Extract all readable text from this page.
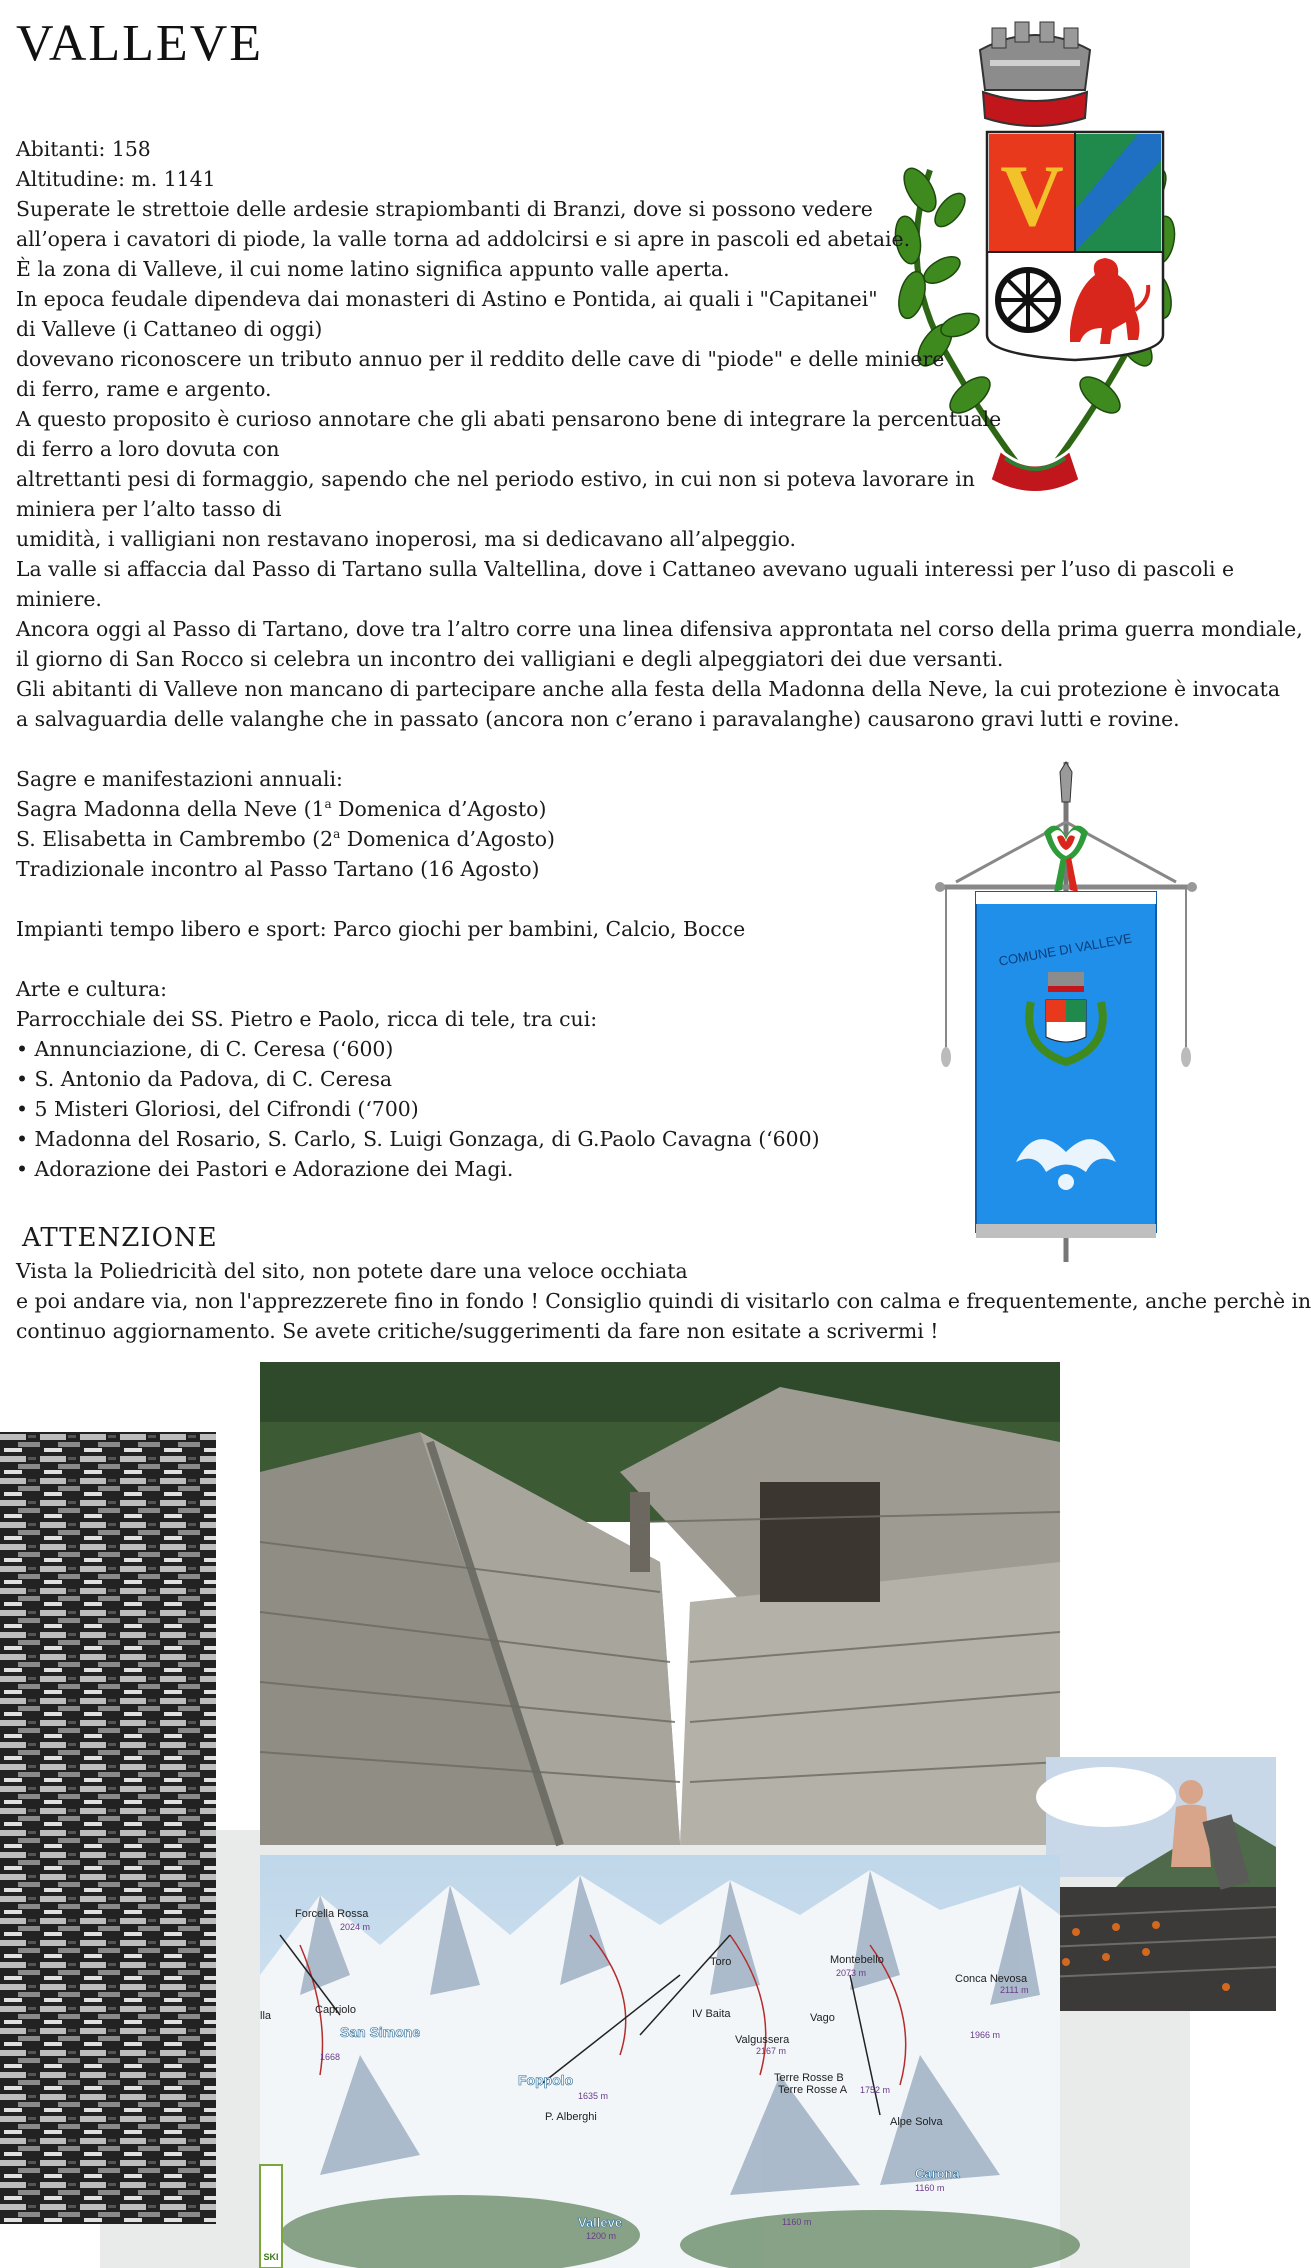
VALLEVE
V
Abitanti: 158
Altitudine: m. 1141
Superate le strettoie delle ardesie strapiombanti di Branzi, dove si possono vedere
all’opera i cavatori di piode, la valle torna ad addolcirsi e si apre in pascoli ed abetaie.
È la zona di Valleve, il cui nome latino significa appunto valle aperta.
In epoca feudale dipendeva dai monasteri di Astino e Pontida, ai quali i "Capitanei"
di Valleve (i Cattaneo di oggi)
dovevano riconoscere un tributo annuo per il reddito delle cave di "piode" e delle miniere
di ferro, rame e argento.
A questo proposito è curioso annotare che gli abati pensarono bene di integrare la percentuale
di ferro a loro dovuta con
altrettanti pesi di formaggio, sapendo che nel periodo estivo, in cui non si poteva lavorare in
miniera per l’alto tasso di
umidità, i valligiani non restavano inoperosi, ma si dedicavano all’alpeggio.
La valle si affaccia dal Passo di Tartano sulla Valtellina, dove i Cattaneo avevano uguali interessi per l’uso di pascoli e
miniere.
Ancora oggi al Passo di Tartano, dove tra l’altro corre una linea difensiva approntata nel corso della prima guerra mondiale,
il giorno di San Rocco si celebra un incontro dei valligiani e degli alpeggiatori dei due versanti.
Gli abitanti di Valleve non mancano di partecipare anche alla festa della Madonna della Neve, la cui protezione è invocata
a salvaguardia delle valanghe che in passato (ancora non c’erano i paravalanghe) causarono gravi lutti e rovine.
Sagre e manifestazioni annuali:
Sagra Madonna della Neve (1$^a$ Domenica d’Agosto)
S. Elisabetta in Cambrembo (2$^a$ Domenica d’Agosto)
Tradizionale incontro al Passo Tartano (16 Agosto)
Impianti tempo libero e sport: Parco giochi per bambini, Calcio, Bocce
Arte e cultura:
Parrocchiale dei SS. Pietro e Paolo, ricca di tele, tra cui:
• Annunciazione, di C. Ceresa (‘600)
• S. Antonio da Padova, di C. Ceresa
• 5 Misteri Gloriosi, del Cifrondi (‘700)
• Madonna del Rosario, S. Carlo, S. Luigi Gonzaga, di G.Paolo Cavagna (‘600)
• Adorazione dei Pastori e Adorazione dei Magi.
ATTENZIONE
Vista la Poliedricità del sito, non potete dare una veloce occhiata
e poi andare via, non l'apprezzerete fino in fondo ! Consiglio quindi di visitarlo con calma e frequentemente, anche perchè in
continuo aggiornamento. Se avete critiche/suggerimenti da fare non esitate a scrivermi !
COMUNE DI VALLEVE
Forcella Rossa
2024 m
Toro	Montebello
2073 m	Conca Nevosa
2111 m
Capriolo
lla
San Simone
IV Baita	Vago
Valgussera
2167 m
1966 m
Foppolo
1635 m
Terre Rosse B
Terre Rosse A 1752 m
P. Alberghi	Alpe Solva
1668
Carona
1160 m
Valleve
1200 m
1160 m
SKI
